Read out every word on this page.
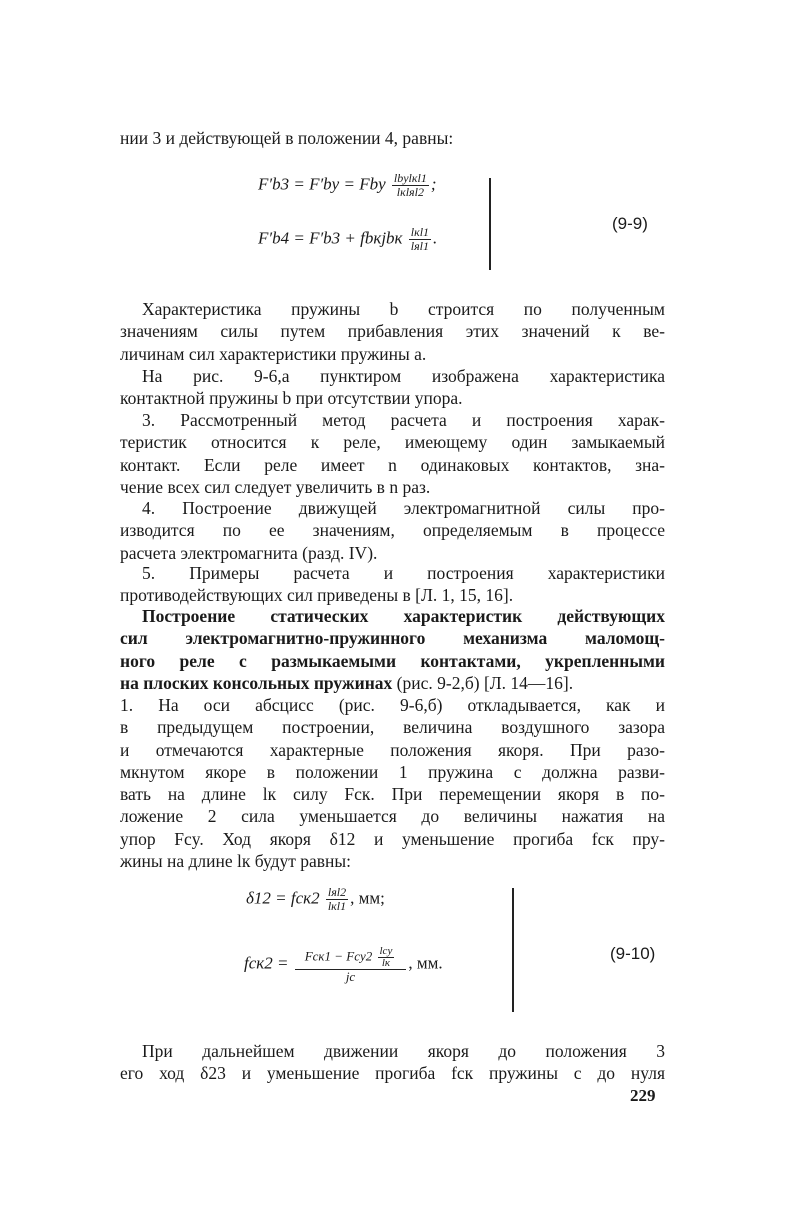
нии 3 и действующей в положении 4, равны:
F′b3 = F′by = Fby $\frac{\text{lbylкl1}}{\text{lкlяl2}}$ ;
F′b4 = F′b3 + fbкjbк $\frac{\text{lкl1}}{\text{lяl1}}$ .
(9-9)
Характеристика пружины b строится по полученным
значениям силы путем прибавления этих значений к ве-
личинам сил характеристики пружины a.
На рис. 9-6,a пунктиром изображена характеристика
контактной пружины b при отсутствии упора.
3. Рассмотренный метод расчета и построения харак-
теристик относится к реле, имеющему один замыкаемый
контакт. Если реле имеет n одинаковых контактов, зна-
чение всех сил следует увеличить в n раз.
4. Построение движущей электромагнитной силы про-
изводится по ее значениям, определяемым в процессе
расчета электромагнита (разд. IV).
5. Примеры расчета и построения характеристики
противодействующих сил приведены в [Л. 1, 15, 16].
Построение статических характеристик действующих
сил электромагнитно-пружинного механизма маломощ-
ного реле с размыкаемыми контактами, укрепленными
на плоских консольных пружинах (рис. 9-2,б) [Л. 14—16].
1. На оси абсцисс (рис. 9-6,б) откладывается, как и
в предыдущем построении, величина воздушного зазора
и отмечаются характерные положения якоря. При разо-
мкнутом якоре в положении 1 пружина c должна разви-
вать на длине lк силу Fск. При перемещении якоря в по-
ложение 2 сила уменьшается до величины нажатия на
упор Fcy. Ход якоря δ12 и уменьшение прогиба fск пру-
жины на длине lк будут равны:
$\delta 12 = fск2 \frac{\text{lяl2}}{\text{lкl1}}$ , мм;
$fск2 = \frac{Fск1 - Fcy2 \frac{\text{lcy}}{lк}}{jc}$ , мм.	(9-10)
При дальнейшем движении якоря до положения 3
его ход δ23 и уменьшение прогиба fск пружины c до нуля
229
